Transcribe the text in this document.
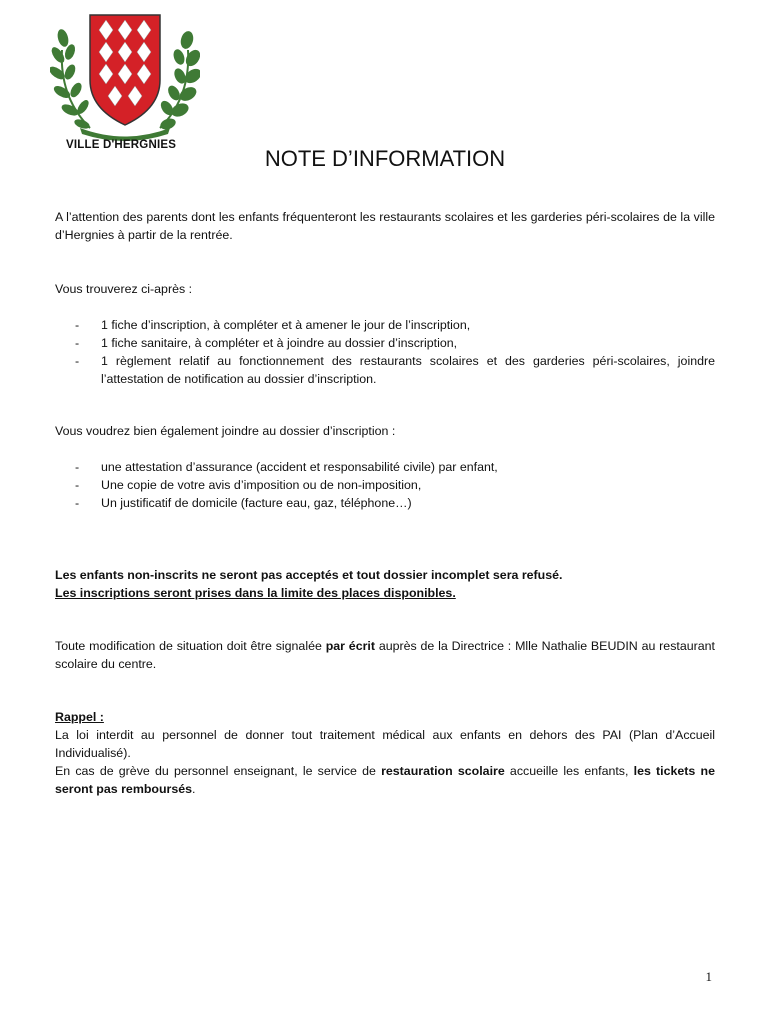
VILLE D'HERGNIES
NOTE D’INFORMATION

A l’attention des parents dont les enfants fréquenteront les restaurants scolaires et les garderies péri-scolaires de la ville d’Hergnies à partir de la rentrée.

Vous trouverez ci-après :

- 1 fiche d’inscription, à compléter et à amener le jour de l’inscription,
- 1 fiche sanitaire, à compléter et à joindre au dossier d’inscription,
- 1 règlement relatif au fonctionnement des restaurants scolaires et des garderies péri-scolaires, joindre l’attestation de notification au dossier d’inscription.

Vous voudrez bien également joindre au dossier d’inscription :

- une attestation d’assurance (accident et responsabilité civile) par enfant,
- Une copie de votre avis d’imposition ou de non-imposition,
- Un justificatif de domicile (facture eau, gaz, téléphone…)

Les enfants non-inscrits ne seront pas acceptés et tout dossier incomplet sera refusé.

Les inscriptions seront prises dans la limite des places disponibles.

Toute modification de situation doit être signalée par écrit auprès de la Directrice : Mlle Nathalie BEUDIN au restaurant scolaire du centre.

Rappel :

La loi interdit au personnel de donner tout traitement médical aux enfants en dehors des PAI (Plan d’Accueil Individualisé).

En cas de grève du personnel enseignant, le service de restauration scolaire accueille les enfants, les tickets ne seront pas remboursés.

1
